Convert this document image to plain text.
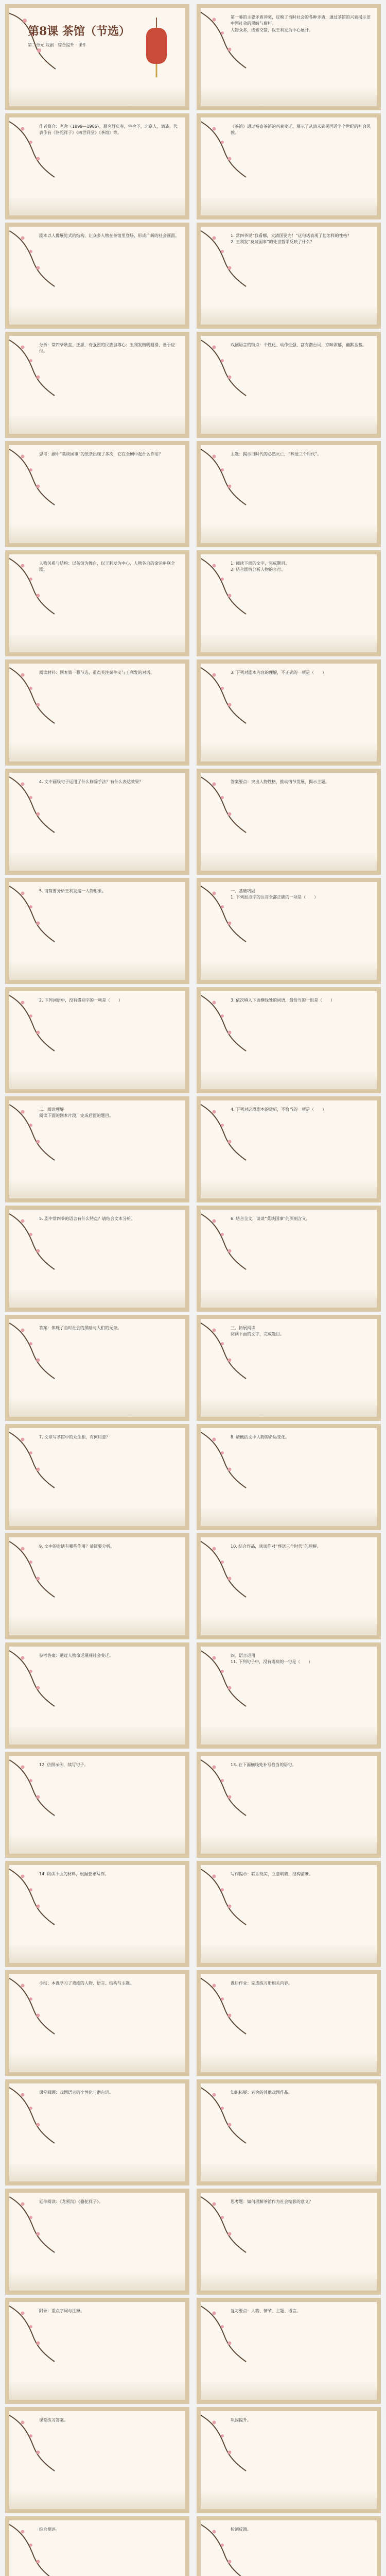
第8课 茶馆（节选）
第二单元 戏剧 · 综合提升 · 课件
第一幕的主要矛盾冲突，反映了当时社会的各种矛盾，通过茶馆的兴衰揭示旧中国社会的黑暗与腐朽。
人物众多，线索交错，以王利发为中心展开。
作者简介：老舍（1899—1966），原名舒庆春，字舍予，北京人，满族。代表作有《骆驼祥子》《四世同堂》《茶馆》等。
《茶馆》通过裕泰茶馆的兴衰变迁，展示了从清末到民国近半个世纪的社会风貌。
剧本以人像展览式的结构，让众多人物在茶馆里登场，形成广阔的社会画面。	1. 常四爷说“我看哪，大清国要完！”这句话表现了他怎样的性格？
2. 王利发“莫谈国事”的处世哲学反映了什么？
分析：常四爷耿直、正派，有强烈的民族自尊心；王利发精明圆滑，善于应付。
戏剧语言的特点：个性化、动作性强、富有潜台词，京味浓郁，幽默含蓄。
思考：剧中“莫谈国事”的纸条出现了多次，它在全剧中起什么作用？	主题：揭示旧时代的必然灭亡，“葬送三个时代”。
人物关系与结构：以茶馆为舞台，以王利发为中心，人物各自的命运串联全剧。
1. 阅读下面的文字，完成题目。
2. 结合剧情分析人物的言行。
阅读材料：剧本第一幕节选，重点关注秦仲义与王利发的对话。	3. 下列对剧本内容的理解，不正确的一项是（　　）
4. 文中画线句子运用了什么修辞手法？有什么表达效果？	答案要点：突出人物性格，推动情节发展，揭示主题。
5. 请简要分析王利发这一人物形象。	一、基础巩固
1. 下列加点字的注音全都正确的一项是（　　）
2. 下列词语中，没有错别字的一项是（　　）	3. 依次填入下面横线处的词语，最恰当的一组是（　　）
二、阅读理解
阅读下面的剧本片段，完成后面的题目。
4. 下列对这段剧本的赏析，不恰当的一项是（　　）
5. 剧中常四爷的语言有什么特点？请结合文本分析。	6. 结合全文，谈谈“莫谈国事”的深刻含义。
答案：体现了当时社会的黑暗与人们的无奈。	三、拓展阅读
阅读下面的文字，完成题目。
7. 文章写茶馆中的众生相，有何用意？	8. 请概括文中人物的命运变化。
9. 文中的对话有哪些作用？请简要分析。	10. 结合作品，谈谈你对“葬送三个时代”的理解。
参考答案：通过人物命运展现社会变迁。	四、语言运用
11. 下列句子中，没有语病的一句是（　　）
12. 仿照示例，续写句子。	13. 在下面横线处补写恰当的语句。
14. 阅读下面的材料，根据要求写作。	写作提示：联系现实，立意明确，结构清晰。
小结：本课学习了戏剧的人物、语言、结构与主题。	课后作业：完成练习册相关内容。
课堂回顾：戏剧语言的个性化与潜台词。	知识拓展：老舍的其他戏剧作品。
延伸阅读：《龙须沟》《骆驼祥子》。	思考题：如何理解茶馆作为社会缩影的意义？
附录：重点字词与注释。	复习要点：人物、情节、主题、语言。
课堂练习答案。	巩固提升。
综合测评。	检测反馈。
